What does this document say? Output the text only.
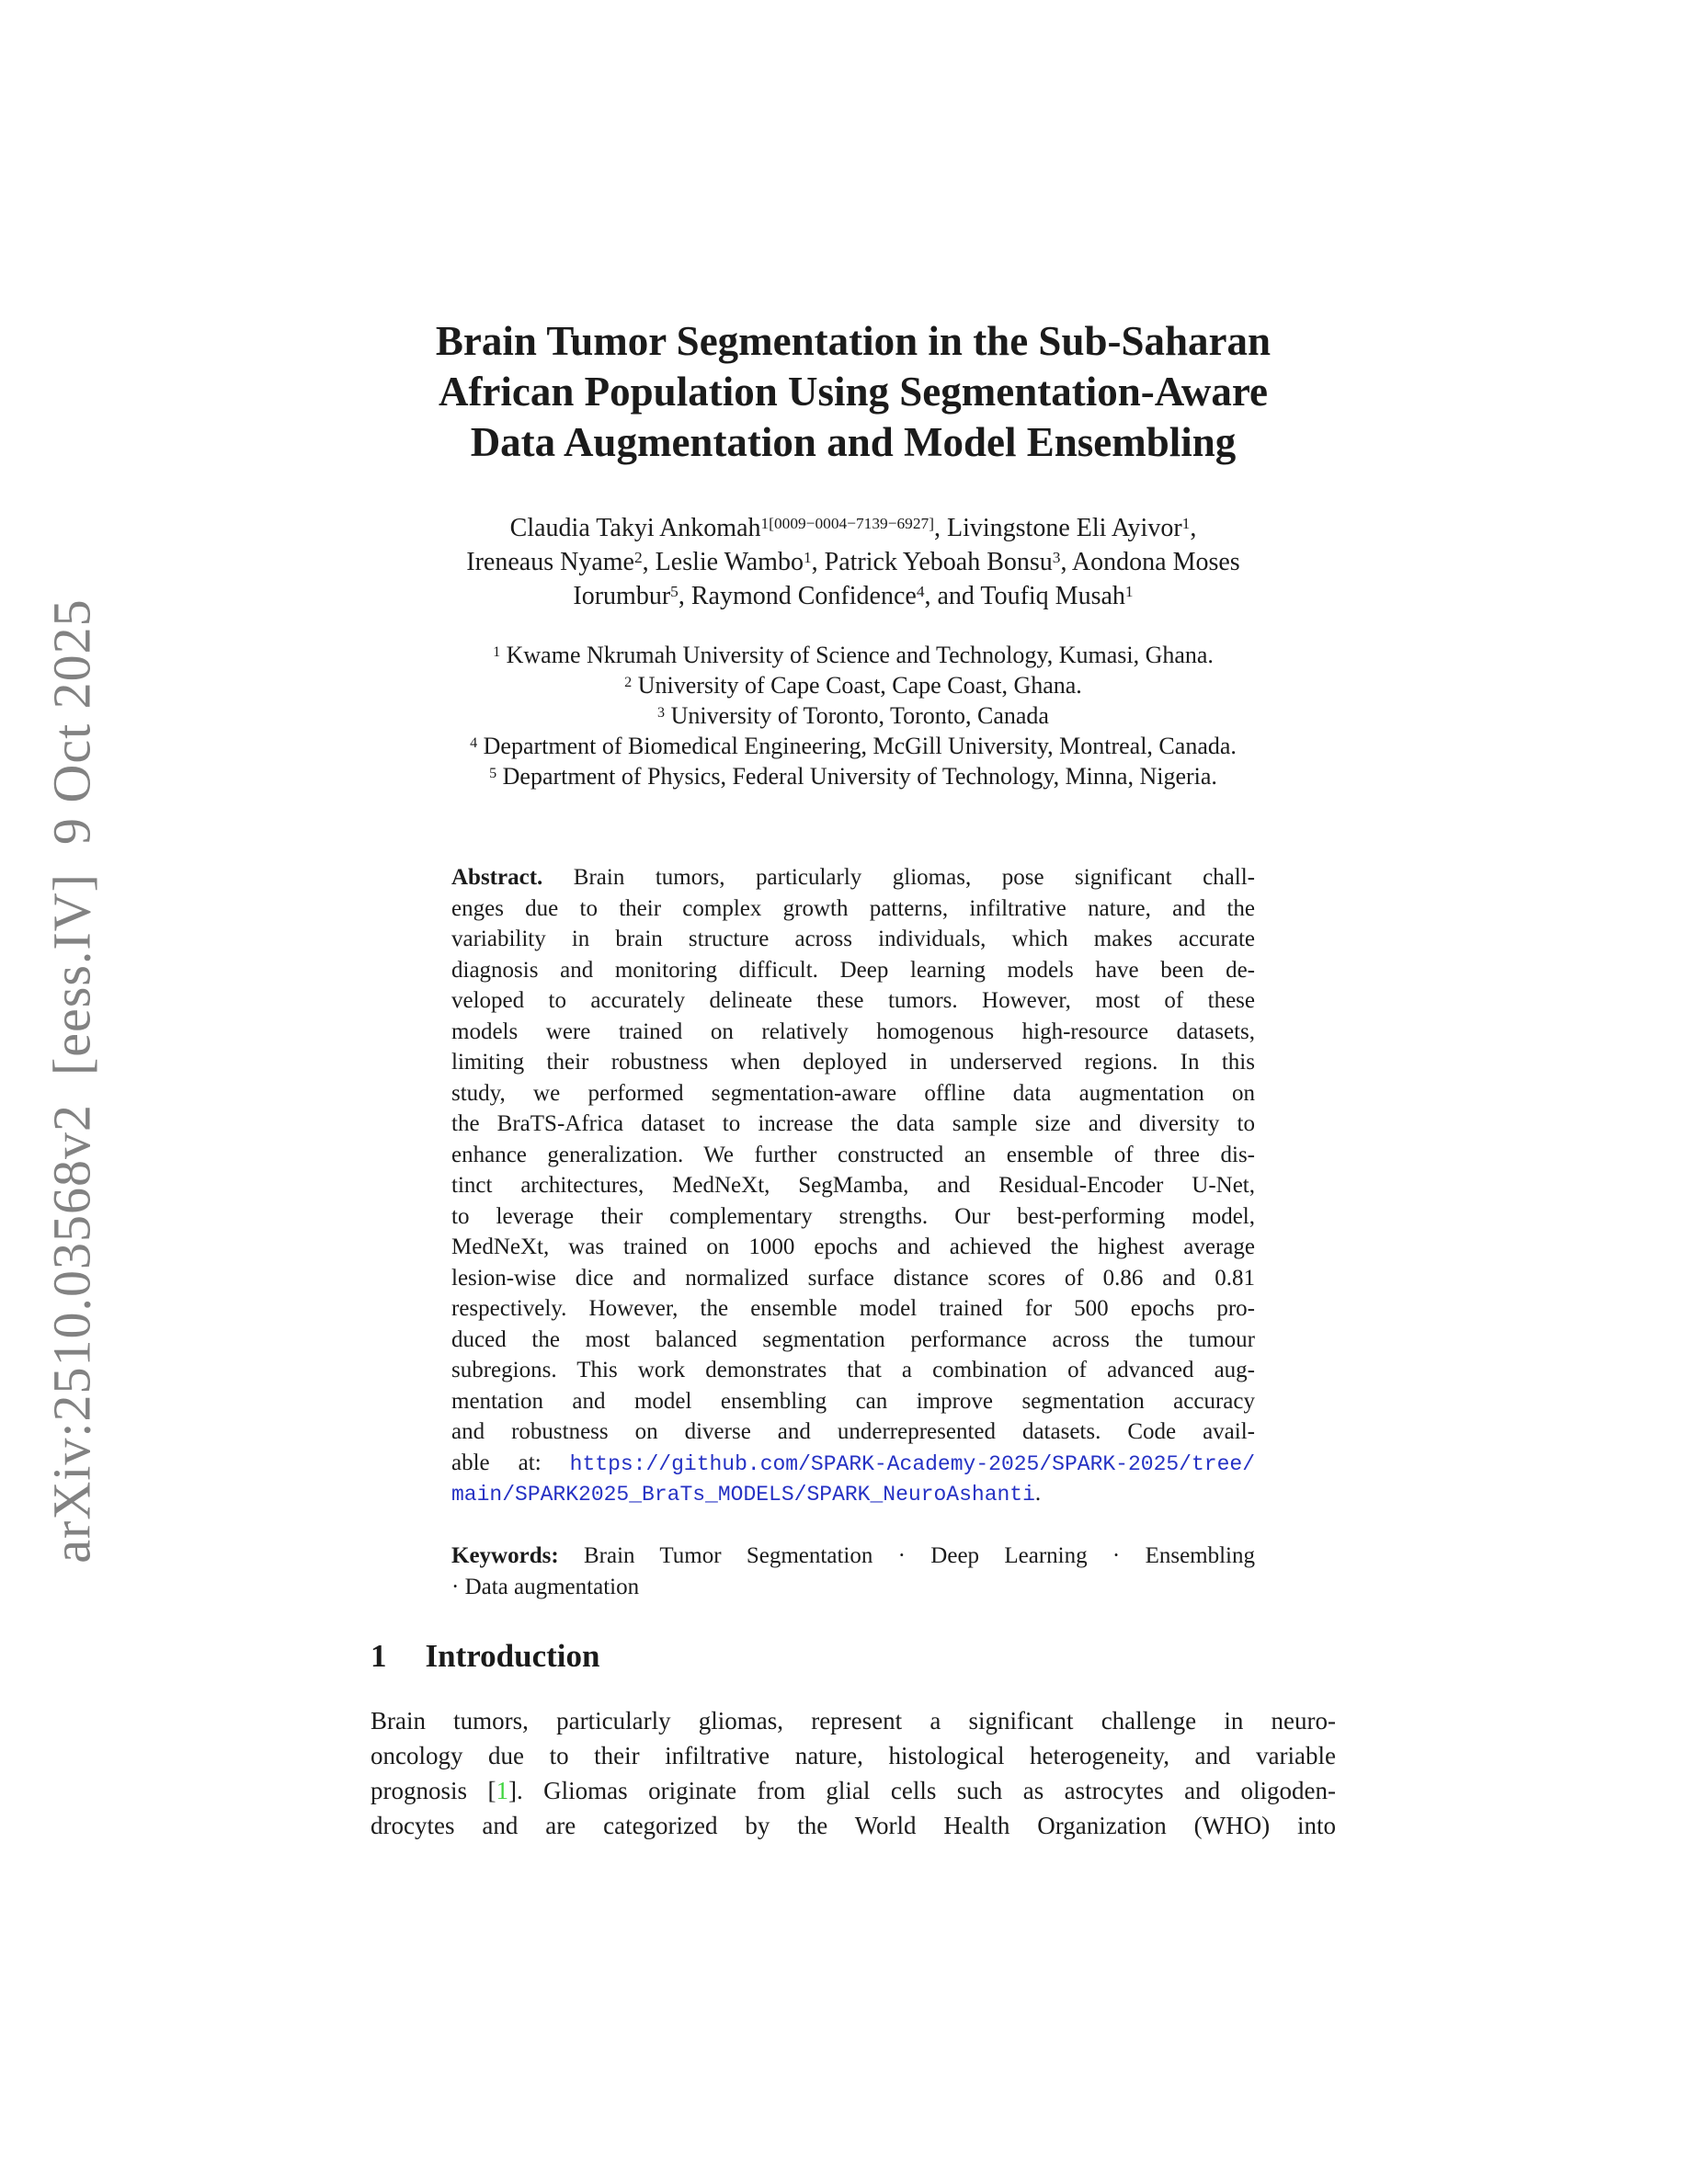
arXiv:2510.03568v2  [eess.IV]  9 Oct 2025
Brain Tumor Segmentation in the Sub-Saharan
African Population Using Segmentation-Aware
Data Augmentation and Model Ensembling
Claudia Takyi Ankomah$^{1[0009-0004-7139-6927]}$, Livingstone Eli Ayivor$^1$,
Ireneaus Nyame$^2$, Leslie Wambo$^1$, Patrick Yeboah Bonsu$^3$, Aondona Moses
Iorumbur$^5$, Raymond Confidence$^4$, and Toufiq Musah$^1$
$^1$ Kwame Nkrumah University of Science and Technology, Kumasi, Ghana.
$^2$ University of Cape Coast, Cape Coast, Ghana.
$^3$ University of Toronto, Toronto, Canada
$^4$ Department of Biomedical Engineering, McGill University, Montreal, Canada.
$^5$ Department of Physics, Federal University of Technology, Minna, Nigeria.
Abstract. Brain tumors, particularly gliomas, pose significant chall-
enges due to their complex growth patterns, infiltrative nature, and the
variability in brain structure across individuals, which makes accurate
diagnosis and monitoring difficult. Deep learning models have been de-
veloped to accurately delineate these tumors. However, most of these
models were trained on relatively homogenous high-resource datasets,
limiting their robustness when deployed in underserved regions. In this
study, we performed segmentation-aware offline data augmentation on
the BraTS-Africa dataset to increase the data sample size and diversity to
enhance generalization. We further constructed an ensemble of three dis-
tinct architectures, MedNeXt, SegMamba, and Residual-Encoder U-Net,
to leverage their complementary strengths. Our best-performing model,
MedNeXt, was trained on 1000 epochs and achieved the highest average
lesion-wise dice and normalized surface distance scores of 0.86 and 0.81
respectively. However, the ensemble model trained for 500 epochs pro-
duced the most balanced segmentation performance across the tumour
subregions. This work demonstrates that a combination of advanced aug-
mentation and model ensembling can improve segmentation accuracy
and robustness on diverse and underrepresented datasets. Code avail-
able at: https://github.com/SPARK-Academy-2025/SPARK-2025/tree/
main/SPARK2025_BraTs_MODELS/SPARK_NeuroAshanti.
Keywords: Brain Tumor Segmentation · Deep Learning · Ensembling
· Data augmentation
1 Introduction
Brain tumors, particularly gliomas, represent a significant challenge in neuro-
oncology due to their infiltrative nature, histological heterogeneity, and variable
prognosis [1]. Gliomas originate from glial cells such as astrocytes and oligoden-
drocytes and are categorized by the World Health Organization (WHO) into
